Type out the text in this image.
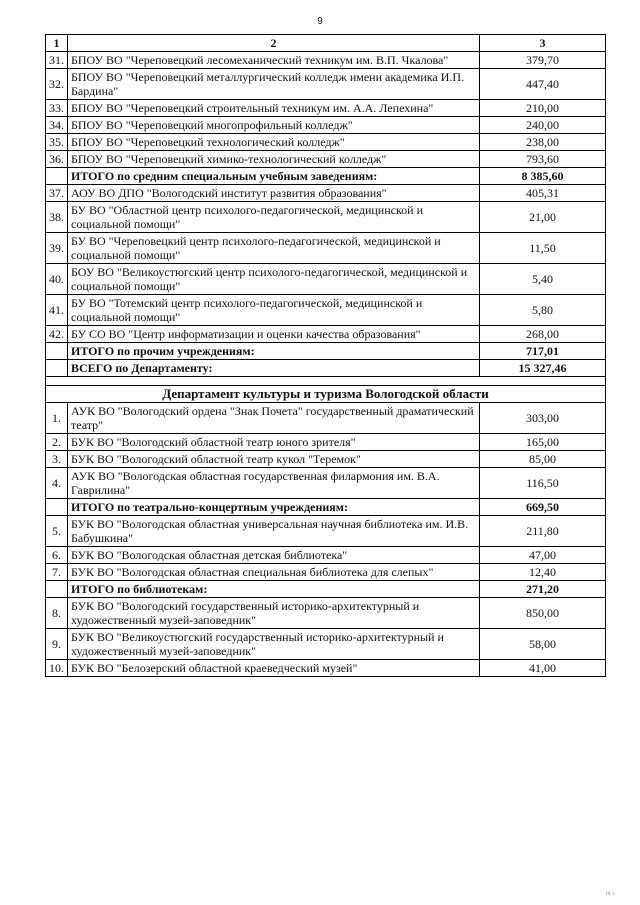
9
1	2	3
31.	БПОУ ВО "Череповецкий лесомеханический техникум им. В.П. Чкалова"	379,70
32.	БПОУ ВО "Череповецкий металлургический колледж имени академика И.П. Бардина"	447,40
33.	БПОУ ВО "Череповецкий строительный техникум им. А.А. Лепехина"	210,00
34.	БПОУ ВО "Череповецкий многопрофильный колледж"	240,00
35.	БПОУ ВО "Череповецкий технологический колледж"	238,00
36.	БПОУ ВО "Череповецкий химико-технологический колледж"	793,60
	ИТОГО по средним специальным учебным заведениям:	8 385,60
37.	АОУ ВО ДПО "Вологодский институт развития образования"	405,31
38.	БУ ВО "Областной центр психолого-педагогической, медицинской и социальной помощи"	21,00
39.	БУ ВО "Череповецкий центр психолого-педагогической, медицинской и социальной помощи"	11,50
40.	БОУ ВО "Великоустюгский центр психолого-педагогической, медицинской и социальной помощи"	5,40
41.	БУ ВО "Тотемский центр психолого-педагогической, медицинской и социальной помощи"	5,80
42.	БУ СО ВО "Центр информатизации и оценки качества образования"	268,00
	ИТОГО по прочим учреждениям:	717,01
	ВСЕГО по Департаменту:	15 327,46

Департамент культуры и туризма Вологодской области		
1.	АУК ВО "Вологодский ордена "Знак Почета" государственный драматический театр"	303,00
2.	БУК ВО "Вологодский областной театр юного зрителя"	165,00
3.	БУК ВО "Вологодский областной театр кукол "Теремок"	85,00
4.	АУК ВО "Вологодская областная государственная филармония им. В.А. Гаврилина"	116,50
	ИТОГО по театрально-концертным учреждениям:	669,50
5.	БУК ВО "Вологодская областная универсальная научная библиотека им. И.В. Бабушкина"	211,80
6.	БУК ВО "Вологодская областная детская библиотека"	47,00
7.	БУК ВО "Вологодская областная специальная библиотека для слепых"	12,40
	ИТОГО по библиотекам:	271,20
8.	БУК ВО "Вологодский государственный историко-архитектурный и художественный музей-заповедник"	850,00
9.	БУК ВО "Великоустюгский государственный историко-архитектурный и художественный музей-заповедник"	58,00
10.	БУК ВО "Белозерский областной краеведческий музей"	41,00
ııı ı
